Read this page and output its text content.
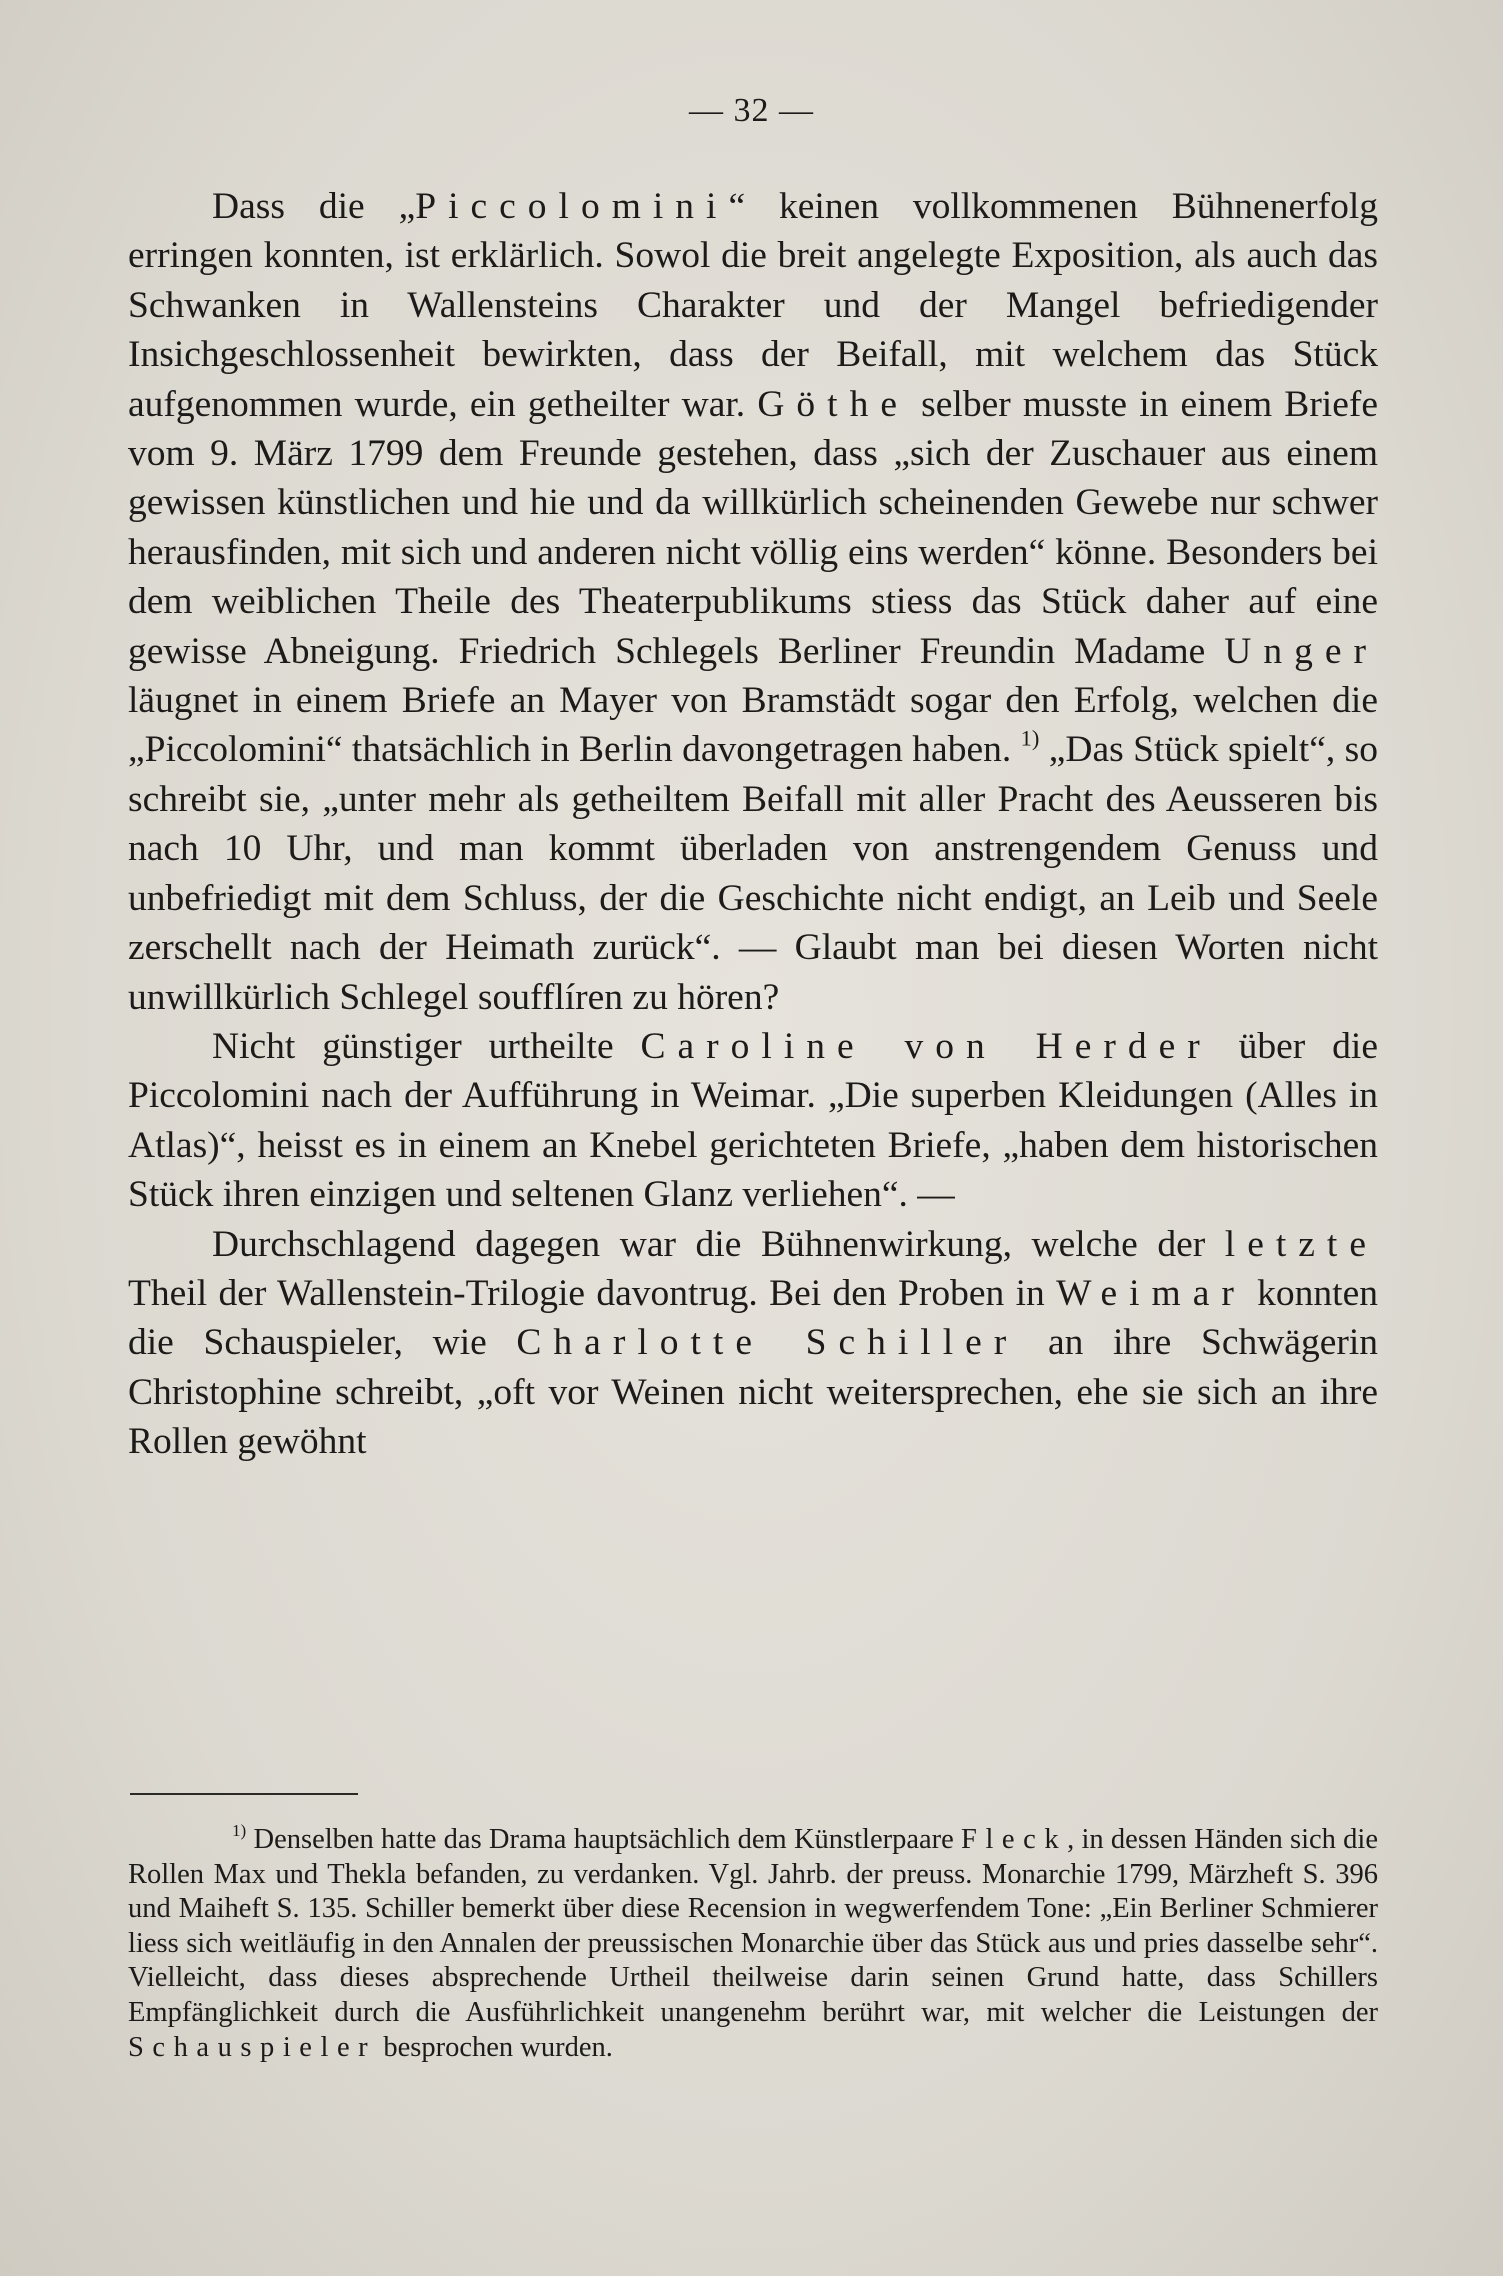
— 32 —

Dass die „Piccolomini“ keinen vollkommenen Bühnenerfolg erringen konnten, ist erklärlich. Sowol die breit angelegte Exposition, als auch das Schwanken in Wallensteins Charakter und der Mangel befriedigender Insichgeschlossenheit bewirkten, dass der Beifall, mit welchem das Stück aufgenommen wurde, ein getheilter war. Göthe selber musste in einem Briefe vom 9. März 1799 dem Freunde gestehen, dass „sich der Zuschauer aus einem gewissen künstlichen und hie und da willkürlich scheinenden Gewebe nur schwer herausfinden, mit sich und anderen nicht völlig eins werden“ könne. Besonders bei dem weiblichen Theile des Theaterpublikums stiess das Stück daher auf eine gewisse Abneigung. Friedrich Schlegels Berliner Freundin Madame Unger läugnet in einem Briefe an Mayer von Bramstädt sogar den Erfolg, welchen die „Piccolomini“ thatsächlich in Berlin davongetragen haben. $^{1)}$ „Das Stück spielt“, so schreibt sie, „unter mehr als getheiltem Beifall mit aller Pracht des Aeusseren bis nach 10 Uhr, und man kommt überladen von anstrengendem Genuss und unbefriedigt mit dem Schluss, der die Geschichte nicht endigt, an Leib und Seele zerschellt nach der Heimath zurück“. — Glaubt man bei diesen Worten nicht unwillkürlich Schlegel soufflíren zu hören?

Nicht günstiger urtheilte Caroline von Herder über die Piccolomini nach der Aufführung in Weimar. „Die superben Kleidungen (Alles in Atlas)“, heisst es in einem an Knebel gerichteten Briefe, „haben dem historischen Stück ihren einzigen und seltenen Glanz verliehen“. —

Durchschlagend dagegen war die Bühnenwirkung, welche der letzte Theil der Wallenstein-Trilogie davontrug. Bei den Proben in Weimar konnten die Schauspieler, wie Charlotte Schiller an ihre Schwägerin Christophine schreibt, „oft vor Weinen nicht weitersprechen, ehe sie sich an ihre Rollen gewöhnt

$^{1)}$ Denselben hatte das Drama hauptsächlich dem Künstlerpaare Fleck, in dessen Händen sich die Rollen Max und Thekla befanden, zu verdanken. Vgl. Jahrb. der preuss. Monarchie 1799, Märzheft S. 396 und Maiheft S. 135. Schiller bemerkt über diese Recension in wegwerfendem Tone: „Ein Berliner Schmierer liess sich weitläufig in den Annalen der preussischen Monarchie über das Stück aus und pries dasselbe sehr“. Vielleicht, dass dieses absprechende Urtheil theilweise darin seinen Grund hatte, dass Schillers Empfänglichkeit durch die Ausführlichkeit unangenehm berührt war, mit welcher die Leistungen der Schauspieler besprochen wurden.
